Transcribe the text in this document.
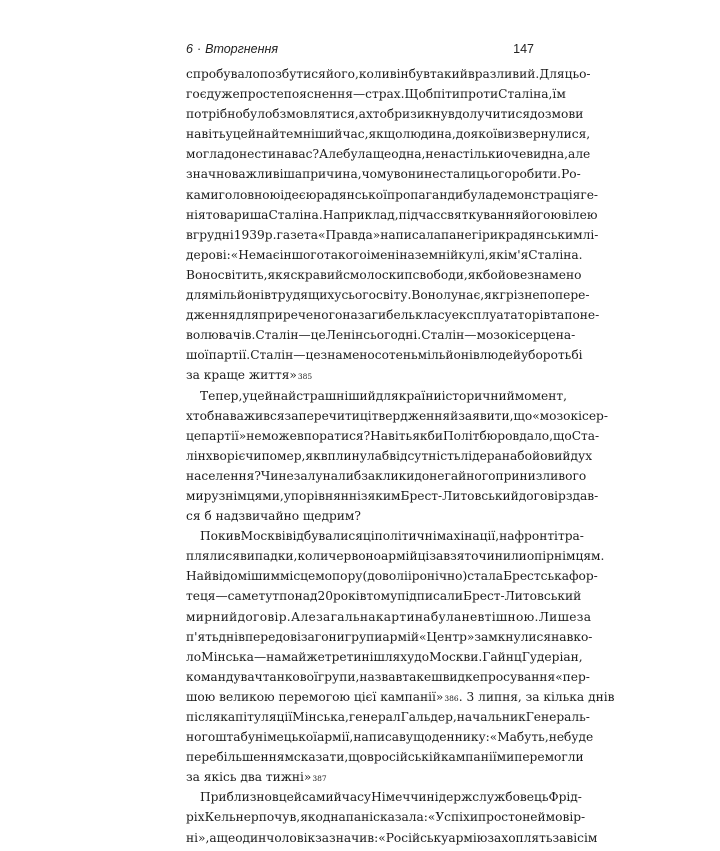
6 · Вторгнення	147
спробувало позбутися його, коли він був такий вразливий. Для цьо-
го є дуже просте пояснення — страх. Щоб піти проти Сталіна, їм
потрібно було б змовлятися, а хто б ризикнув долучитися до змови
навіть у цей найтемніший час, якщо людина, до якої ви звернулися,
могла донести на вас? Але була ще одна, не настільки очевидна, але
значно важливіша причина, чому вони не стали цього робити. Ро-
ками головною ідеєю радянської пропаганди була демонстрація ге-
нія товариша Сталіна. Наприклад, під час святкування його ювілею
в грудні 1939 р. газета «Правда» написала панегірик радянським лі-
дерові: «Немає іншого такого імені на земній кулі, як ім'я Сталіна.
Воно світить, як яскравий смолоскип свободи, як бойове знамено
для мільйонів трудящих усього світу. Воно лунає, як грізне попере-
дження для приреченого на загибель класу експлуататорів та поне-
волювачів. Сталін — це Ленін сьогодні. Сталін — мозок і серце на-
шої партії. Сталін — це знамено сотень мільйонів людей у боротьбі
за краще життя» 385
Тепер, у цей найстрашніший для країни історичний момент,
хто б наважився заперечити ці твердження й заявити, що «мозок і сер-
це партії» не може впоратися? Навіть якби Політбюро вдало, що Ста-
лін хворіє чи помер, як вплинула б відсутність лідера на бойовий дух
населення? Чи не залунали б заклики до негайного принизливого
миру з німцями, у порівнянні з яким Брест-Литовський договір здав-
ся б надзвичайно щедрим?
Поки в Москві відбувалися ці політичні махінації, на фронті тра-
плялися випадки, коли червоноармійці завзято чинили опір німцям.
Найвідомішим місцем опору (доволі іронічно) стала Брестська фор-
теця — саме тут понад 20 років тому підписали Брест-Литовський
мирний договір. Але загальна картина була невтішною. Лише за
п'ять днів передові загони групи армій «Центр» замкнулися навко-
ло Мінська — на майже третині шляху до Москви. Гайнц Гудеріан,
командувач танкової групи, назвав таке швидке просування «пер-
шою великою перемогою цієї кампанії» 386 . 3 липня, за кілька днів
після капітуляції Мінська, генерал Гальдер, начальник Генераль-
ного штабу німецької армії, написав у щоденнику: «Мабуть, не буде
перебільшенням сказати, що в російській кампанії ми перемогли
за якісь два тижні» 387
Приблизно в цей самий час у Німеччині держслужбовець Фрід-
ріх Кельнер почув, як одна пані сказала: «Успіхи просто неймовір-
ні», а ще один чоловік зазначив: «Російську армію захоплять за вісім
